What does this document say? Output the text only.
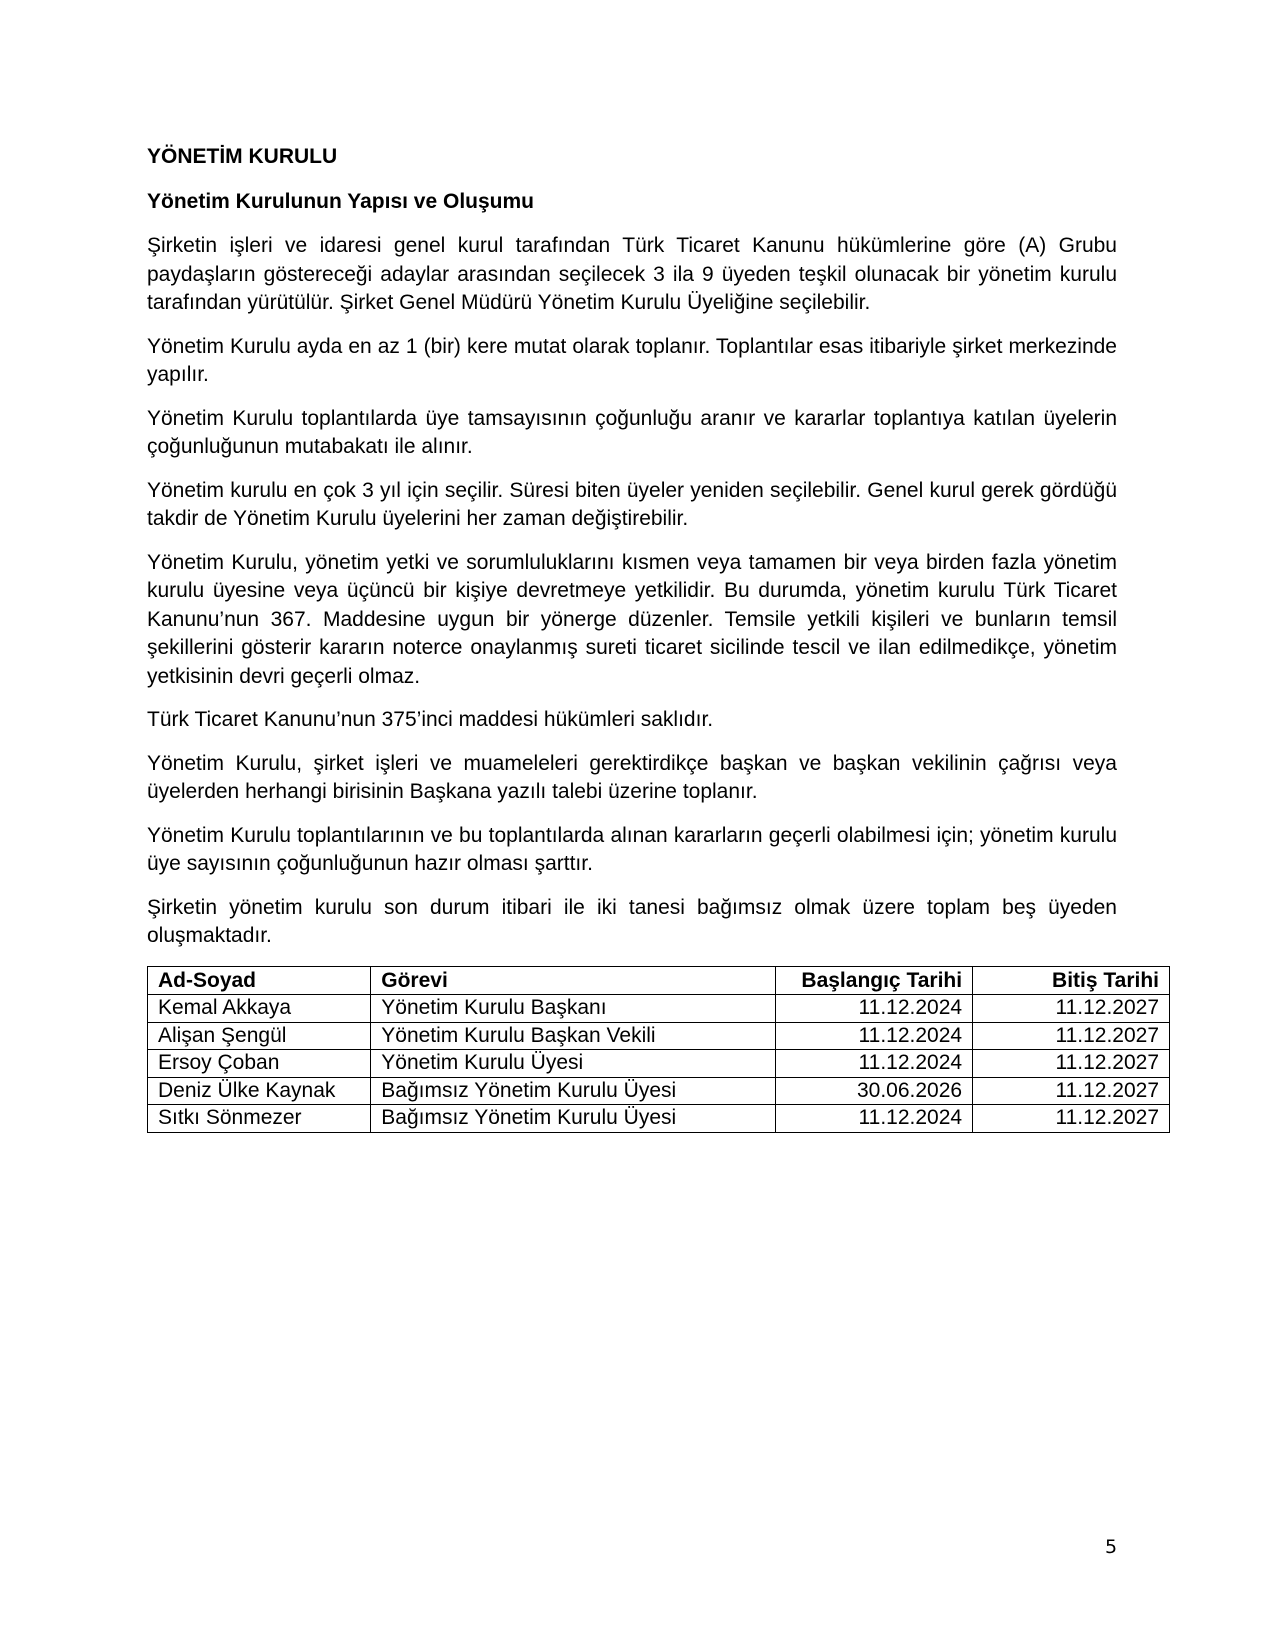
YÖNETİM KURULU
Yönetim Kurulunun Yapısı ve Oluşumu

Şirketin işleri ve idaresi genel kurul tarafından Türk Ticaret Kanunu hükümlerine göre (A) Grubu paydaşların göstereceği adaylar arasından seçilecek 3 ila 9 üyeden teşkil olunacak bir yönetim kurulu tarafından yürütülür. Şirket Genel Müdürü Yönetim Kurulu Üyeliğine seçilebilir.

Yönetim Kurulu ayda en az 1 (bir) kere mutat olarak toplanır. Toplantılar esas itibariyle şirket merkezinde yapılır.

Yönetim Kurulu toplantılarda üye tamsayısının çoğunluğu aranır ve kararlar toplantıya katılan üyelerin çoğunluğunun mutabakatı ile alınır.

Yönetim kurulu en çok 3 yıl için seçilir. Süresi biten üyeler yeniden seçilebilir. Genel kurul gerek gördüğü takdir de Yönetim Kurulu üyelerini her zaman değiştirebilir.

Yönetim Kurulu, yönetim yetki ve sorumluluklarını kısmen veya tamamen bir veya birden fazla yönetim kurulu üyesine veya üçüncü bir kişiye devretmeye yetkilidir. Bu durumda, yönetim kurulu Türk Ticaret Kanunu’nun 367. Maddesine uygun bir yönerge düzenler. Temsile yetkili kişileri ve bunların temsil şekillerini gösterir kararın noterce onaylanmış sureti ticaret sicilinde tescil ve ilan edilmedikçe, yönetim yetkisinin devri geçerli olmaz.

Türk Ticaret Kanunu’nun 375’inci maddesi hükümleri saklıdır.

Yönetim Kurulu, şirket işleri ve muameleleri gerektirdikçe başkan ve başkan vekilinin çağrısı veya üyelerden herhangi birisinin Başkana yazılı talebi üzerine toplanır.

Yönetim Kurulu toplantılarının ve bu toplantılarda alınan kararların geçerli olabilmesi için; yönetim kurulu üye sayısının çoğunluğunun hazır olması şarttır.

Şirketin yönetim kurulu son durum itibari ile iki tanesi bağımsız olmak üzere toplam beş üyeden oluşmaktadır.

Ad-Soyad	Görevi	Başlangıç Tarihi	Bitiş Tarihi
Kemal Akkaya	Yönetim Kurulu Başkanı	11.12.2024	11.12.2027
Alişan Şengül	Yönetim Kurulu Başkan Vekili	11.12.2024	11.12.2027
Ersoy Çoban	Yönetim Kurulu Üyesi	11.12.2024	11.12.2027
Deniz Ülke Kaynak	Bağımsız Yönetim Kurulu Üyesi	30.06.2026	11.12.2027
Sıtkı Sönmezer	Bağımsız Yönetim Kurulu Üyesi	11.12.2024	11.12.2027
5
